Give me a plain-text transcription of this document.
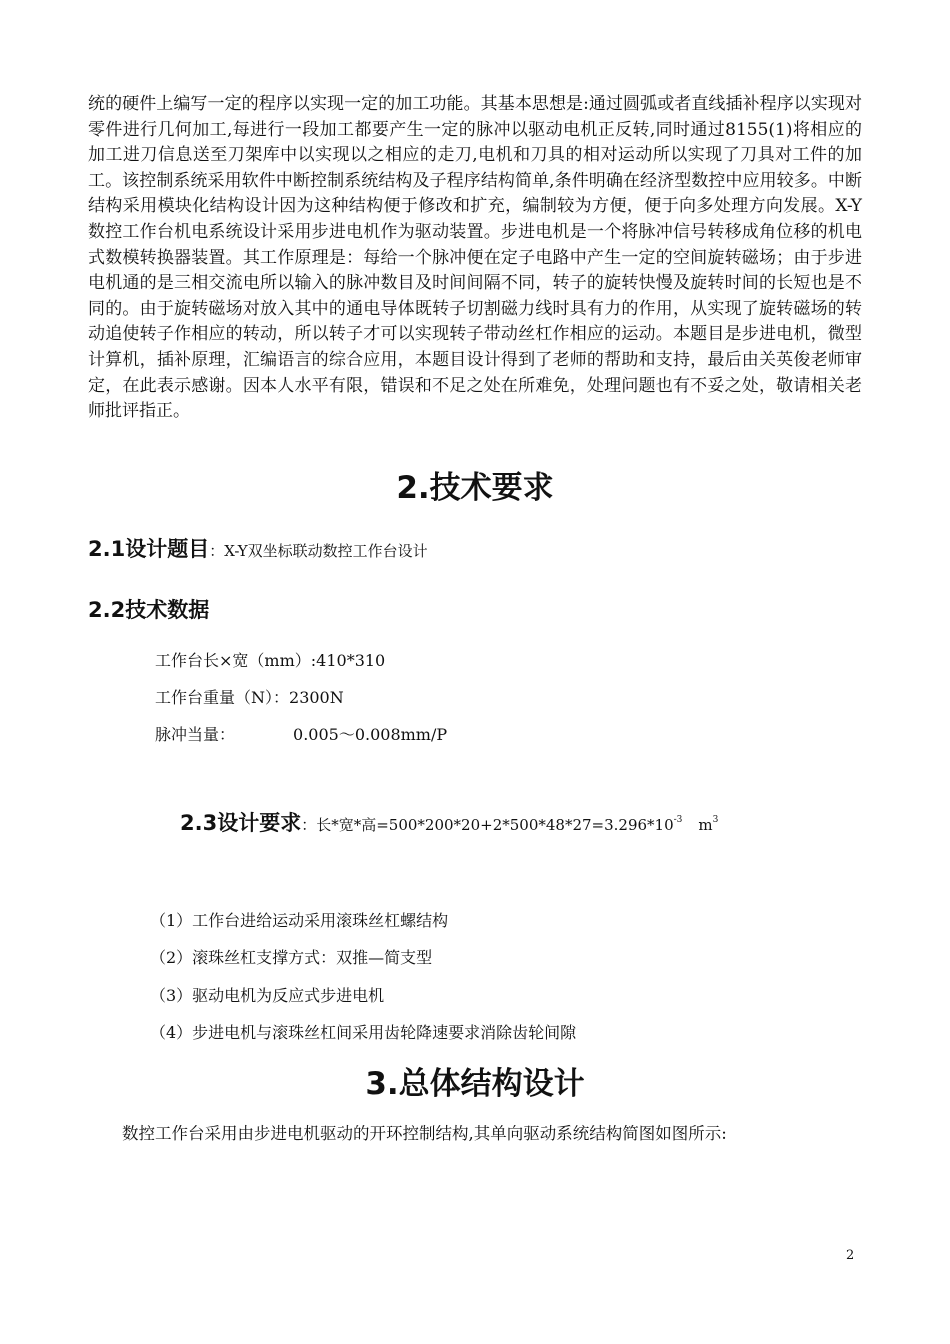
统的硬件上编写一定的程序以实现一定的加工功能。其基本思想是:通过圆弧或者直线插补程序以实现对零件进行几何加工,每进行一段加工都要产生一定的脉冲以驱动电机正反转,同时通过8155(1)将相应的加工进刀信息送至刀架库中以实现以之相应的走刀,电机和刀具的相对运动所以实现了刀具对工件的加工。该控制系统采用软件中断控制系统结构及子程序结构简单,条件明确在经济型数控中应用较多。中断结构采用模块化结构设计因为这种结构便于修改和扩充，编制较为方便，便于向多处理方向发展。X-Y数控工作台机电系统设计采用步进电机作为驱动装置。步进电机是一个将脉冲信号转移成角位移的机电式数模转换器装置。其工作原理是：每给一个脉冲便在定子电路中产生一定的空间旋转磁场；由于步进电机通的是三相交流电所以输入的脉冲数目及时间间隔不同，转子的旋转快慢及旋转时间的长短也是不同的。由于旋转磁场对放入其中的通电导体既转子切割磁力线时具有力的作用，从实现了旋转磁场的转动追使转子作相应的转动，所以转子才可以实现转子带动丝杠作相应的运动。本题目是步进电机，微型计算机，插补原理，汇编语言的综合应用，本题目设计得到了老师的帮助和支持，最后由关英俊老师审定，在此表示感谢。因本人水平有限，错误和不足之处在所难免，处理问题也有不妥之处，敬请相关老师批评指正。
2.技术要求
2.1设计题目：X-Y双坐标联动数控工作台设计
2.2技术数据
工作台长×宽（mm）:410*310
工作台重量（N）：2300N
脉冲当量：	0.005～0.008mm/P
2.3设计要求：长*宽*高$=500*200*20+2*500*48*27=3.296*10^{-3}$ $m^3$
（1）工作台进给运动采用滚珠丝杠螺结构
（2）滚珠丝杠支撑方式：双推—简支型
（3）驱动电机为反应式步进电机
（4）步进电机与滚珠丝杠间采用齿轮降速要求消除齿轮间隙
3.总体结构设计
数控工作台采用由步进电机驱动的开环控制结构,其单向驱动系统结构简图如图所示:
2
